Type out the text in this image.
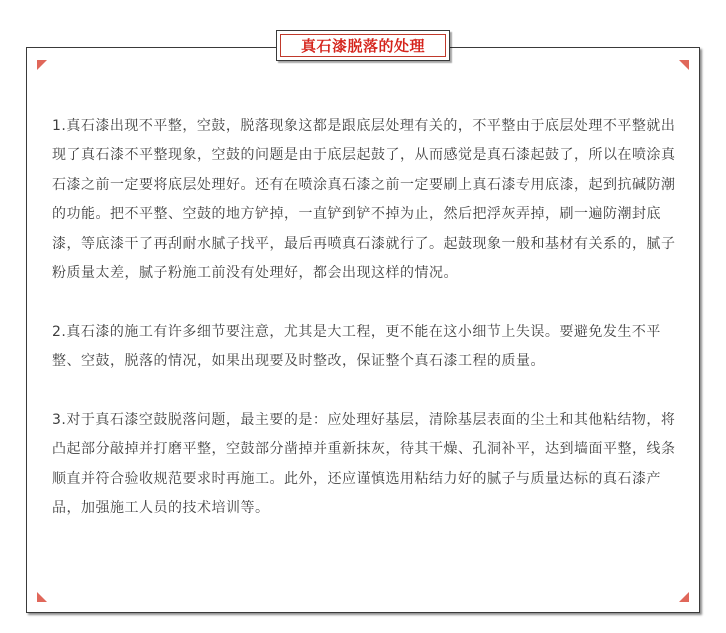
真石漆脱落的处理

1.真石漆出现不平整，空鼓，脱落现象这都是跟底层处理有关的，不平整由于底层处理不平整就出现了真石漆不平整现象，空鼓的问题是由于底层起鼓了，从而感觉是真石漆起鼓了，所以在喷涂真石漆之前一定要将底层处理好。还有在喷涂真石漆之前一定要刷上真石漆专用底漆，起到抗碱防潮的功能。把不平整、空鼓的地方铲掉，一直铲到铲不掉为止，然后把浮灰弄掉，刷一遍防潮封底漆，等底漆干了再刮耐水腻子找平，最后再喷真石漆就行了。起鼓现象一般和基材有关系的，腻子粉质量太差，腻子粉施工前没有处理好，都会出现这样的情况。

2.真石漆的施工有许多细节要注意，尤其是大工程，更不能在这小细节上失误。要避免发生不平整、空鼓，脱落的情况，如果出现要及时整改，保证整个真石漆工程的质量。

3.对于真石漆空鼓脱落问题，最主要的是：应处理好基层，清除基层表面的尘土和其他粘结物，将凸起部分敲掉并打磨平整，空鼓部分凿掉并重新抹灰，待其干燥、孔洞补平，达到墙面平整，线条顺直并符合验收规范要求时再施工。此外，还应谨慎选用粘结力好的腻子与质量达标的真石漆产品，加强施工人员的技术培训等。
